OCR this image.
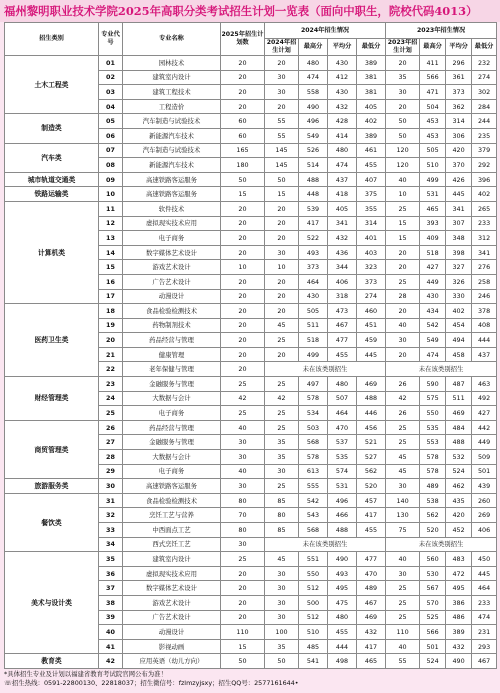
福州黎明职业技术学院2025年高职分类考试招生计划一览表（面向中职生，院校代码4013）
招生类别	专业代号	专业名称	2025年招生计划数	2024年招生情况				2023年招生情况			
				2024年招生计划	最高分	平均分	最低分	2023年招生计划	最高分	平均分	最低分
土木工程类	01	园林技术	20	20	480	430	389	20	411	296	232
	02	建筑室内设计	20	30	474	412	381	35	566	361	274
	03	建筑工程技术	20	30	558	430	381	30	471	373	302
	04	工程造价	20	20	490	432	405	20	504	362	284
制造类	05	汽车制造与试验技术	60	55	496	428	402	50	453	314	244
	06	新能源汽车技术	60	55	549	414	389	50	453	306	235
汽车类	07	汽车制造与试验技术	165	145	526	480	461	120	505	420	379
	08	新能源汽车技术	180	145	514	474	455	120	510	370	292
城市轨道交通类	09	高速铁路客运服务	50	50	488	437	407	40	499	426	396
铁路运输类	10	高速铁路客运服务	15	15	448	418	375	10	531	445	402
计算机类	11	软件技术	20	20	539	405	355	25	465	341	265
	12	虚拟现实技术应用	20	20	417	341	314	15	393	307	233
	13	电子商务	20	20	522	432	401	15	409	348	312
	14	数字媒体艺术设计	20	30	493	436	403	20	518	398	341
	15	游戏艺术设计	10	10	373	344	323	20	427	327	276
	16	广告艺术设计	20	20	464	406	373	25	449	326	258
	17	动漫设计	20	20	430	318	274	28	430	330	246
医药卫生类	18	食品检验检测技术	20	20	505	473	460	20	434	402	378
	19	药物制剂技术	20	45	511	467	451	40	542	454	408
	20	药品经营与管理	20	25	518	477	459	30	549	494	444
	21	健康管理	20	20	499	455	445	20	474	458	437
	22	老年保健与管理	20	未在该类别招生				未在该类别招生			
财经管理类	23	金融服务与管理	25	25	497	480	469	26	590	487	463
	24	大数据与会计	42	42	578	507	488	42	575	511	492
	25	电子商务	25	25	534	464	446	26	550	469	427
商贸管理类	26	药品经营与管理	40	25	503	470	456	25	535	484	442
	27	金融服务与管理	30	35	568	537	521	25	553	488	449
	28	大数据与会计	30	35	578	535	527	45	578	532	509
	29	电子商务	40	30	613	574	562	45	578	524	501
旅游服务类	30	高速铁路客运服务	30	25	555	531	520	30	489	462	439
餐饮类	31	食品检验检测技术	80	85	542	496	457	140	538	435	260
	32	烹饪工艺与营养	70	80	543	466	417	130	562	420	269
	33	中西面点工艺	80	85	568	488	455	75	520	452	406
	34	西式烹饪工艺	30	未在该类别招生				未在该类别招生			
美术与设计类	35	建筑室内设计	25	45	551	490	477	40	560	483	450
	36	虚拟现实技术应用	20	30	550	493	470	30	530	472	445
	37	数字媒体艺术设计	20	30	512	495	489	25	567	495	464
	38	游戏艺术设计	20	30	500	475	467	25	570	386	233
	39	广告艺术设计	20	30	512	480	469	25	525	486	474
	40	动漫设计	110	100	510	455	432	110	566	389	231
	41	影视动画	15	35	485	444	417	40	501	432	293
教育类	42	应用英语（幼儿方向）	50	50	541	498	465	55	524	490	467
*具体招生专业及计划以福建省教育考试院官网公布为准！
☏招生热线：0591-22800130、22818037；招生微信号：fzlmzyjsxy；招生QQ号：2577161644•
